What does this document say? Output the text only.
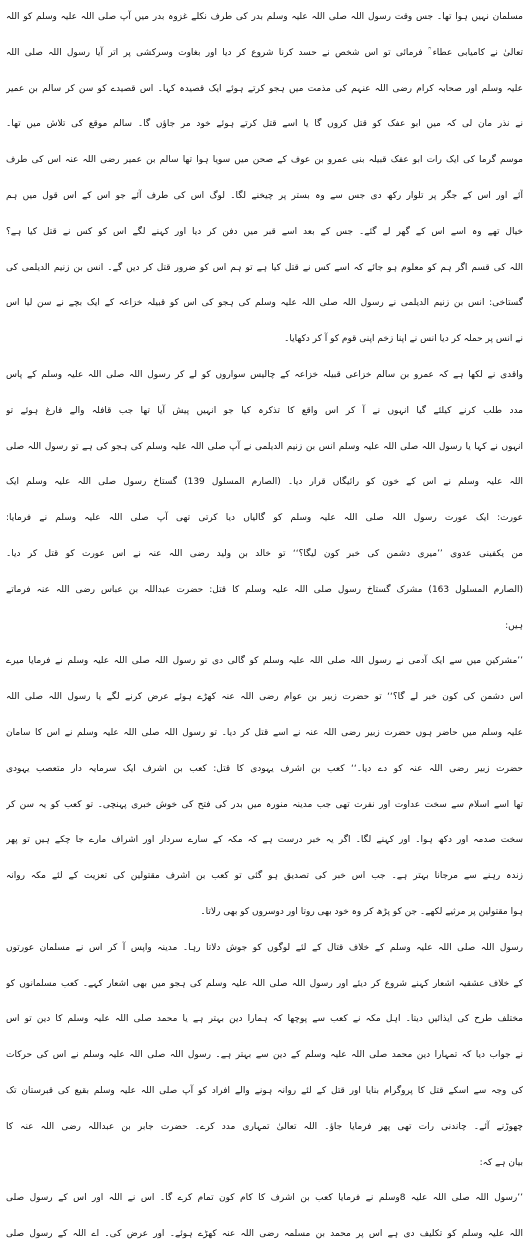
مسلمان نہیں ہوا تھا۔ جس وقت رسول اللہ صلی اللہ علیہ وسلم بدر کی طرف نکلے غزوہ بدر میں آپ صلی اللہ علیہ وسلم کو اللہ
تعالیٰ نے کامیابی عطاء ؒ فرمائی تو اس شخص نے حسد کرنا شروع کر دیا اور بغاوت وسرکشی پر اتر آیا رسول اللہ صلی اللہ
علیہ وسلم اور صحابہ کرام رضی اللہ عنہم کی مذمت میں ہجو کرتے ہوئے ایک قصیدہ کہا۔ اس قصیدے کو سن کر سالم بن عمیر
نے نذر مان لی کہ میں ابو عفک کو قتل کروں گا یا اسے قتل کرتے ہوئے خود مر جاؤں گا۔ سالم موقع کی تلاش میں تھا۔
موسم گرما کی ایک رات ابو عفک قبیلہ بنی عمرو بن عوف کے صحن میں سویا ہوا تھا سالم بن عمیر رضی اللہ عنہ اس کی طرف
آئے اور اس کے جگر پر تلوار رکھ دی جس سے وہ بستر پر چیخنے لگا۔ لوگ اس کی طرف آئے جو اس کے اس قول میں ہم
خیال تھے وہ اسے اس کے گھر لے گئے۔ جس کے بعد اسے قبر میں دفن کر دیا اور کہنے لگے اس کو کس نے قتل کیا ہے؟
اللہ کی قسم اگر ہم کو معلوم ہو جائے کہ اسے کس نے قتل کیا ہے تو ہم اس کو ضرور قتل کر دیں گے۔ انس بن زنیم الدیلمی کی
گستاخی: انس بن زنیم الدیلمی نے رسول اللہ صلی اللہ علیہ وسلم کی ہجو کی اس کو قبیلہ خزاعہ کے ایک بچے نے سن لیا اس
نے انس پر حملہ کر دیا انس نے اپنا زخم اپنی قوم کو آ کر دکھایا۔
واقدی نے لکھا ہے کہ عمرو بن سالم خزاعی قبیلہ خزاعہ کے چالیس سواروں کو لے کر رسول اللہ صلی اللہ علیہ وسلم کے پاس
مدد طلب کرنے کیلئے گیا انہوں نے آ کر اس واقع کا تذکرہ کیا جو انہیں پیش آیا تھا جب قافلہ والے فارغ ہوئے تو
انہوں نے کہا یا رسول اللہ صلی اللہ علیہ وسلم انس بن زنیم الدیلمی نے آپ صلی اللہ علیہ وسلم کی ہجو کی ہے تو رسول اللہ صلی
اللہ علیہ وسلم نے اس کے خون کو رائیگاں قرار دیا۔ (الصارم المسلول 139) گستاخ رسول صلی اللہ علیہ وسلم ایک
عورت: ایک عورت رسول اللہ صلی اللہ علیہ وسلم کو گالیاں دیا کرتی تھی آپ صلی اللہ علیہ وسلم نے فرمایا:
من یکفینی عدوی ’’میری دشمن کی خبر کون لیگا؟‘‘ تو خالد بن ولید رضی اللہ عنہ نے اس عورت کو قتل کر دیا۔
(الصارم المسلول 163) مشرک گستاخ رسول صلی اللہ علیہ وسلم کا قتل: حضرت عبداللہ بن عباس رضی اللہ عنہ فرماتے
ہیں:
’’مشرکین میں سے ایک آدمی نے رسول اللہ صلی اللہ علیہ وسلم کو گالی دی تو رسول اللہ صلی اللہ علیہ وسلم نے فرمایا میرے
اس دشمن کی کون خبر لے گا؟‘‘ تو حضرت زبیر بن عوام رضی اللہ عنہ کھڑے ہوئے عرض کرنے لگے یا رسول اللہ صلی اللہ
علیہ وسلم میں حاضر ہوں حضرت زبیر رضی اللہ عنہ نے اسے قتل کر دیا۔ تو رسول اللہ صلی اللہ علیہ وسلم نے اس کا سامان
حضرت زبیر رضی اللہ عنہ کو دے دیا۔‘‘ کعب بن اشرف یہودی کا قتل: کعب بن اشرف ایک سرمایہ دار متعصب یہودی
تھا اسے اسلام سے سخت عداوت اور نفرت تھی جب مدینہ منورہ میں بدر کی فتح کی خوش خبری پہنچی۔ تو کعب کو یہ سن کر
سخت صدمہ اور دکھ ہوا۔ اور کہنے لگا۔ اگر یہ خبر درست ہے کہ مکہ کے سارے سردار اور اشراف مارے جا چکے ہیں تو پھر
زندہ رہنے سے مرجانا بہتر ہے۔ جب اس خبر کی تصدیق ہو گئی تو کعب بن اشرف مقتولین کی تعزیت کے لئے مکہ روانہ
ہوا مقتولین پر مرثیے لکھے۔ جن کو پڑھ کر وہ خود بھی روتا اور دوسروں کو بھی رلاتا۔
رسول اللہ صلی اللہ علیہ وسلم کے خلاف قتال کے لئے لوگوں کو جوش دلاتا رہا۔ مدینہ واپس آ کر اس نے مسلمان عورتوں
کے خلاف عشقیہ اشعار کہنے شروع کر دیئے اور رسول اللہ صلی اللہ علیہ وسلم کی ہجو میں بھی اشعار کہے۔ کعب مسلمانوں کو
مختلف طرح کی ایذائیں دیتا۔ اہل مکہ نے کعب سے پوچھا کہ ہمارا دین بہتر ہے یا محمد صلی اللہ علیہ وسلم کا دین تو اس
نے جواب دیا کہ تمہارا دین محمد صلی اللہ علیہ وسلم کے دین سے بہتر ہے۔ رسول اللہ صلی اللہ علیہ وسلم نے اس کی حرکات
کی وجہ سے اسکے قتل کا پروگرام بنایا اور قتل کے لئے روانہ ہونے والے افراد کو آپ صلی اللہ علیہ وسلم بقیع کی قبرستان تک
چھوڑنے آئے۔ چاندنی رات تھی پھر فرمایا جاؤ۔ اللہ تعالیٰ تمہاری مدد کرے۔ حضرت جابر بن عبداللہ رضی اللہ عنہ کا
بیان ہے کہ:
’’رسول اللہ صلی اللہ علیہ 8وسلم نے فرمایا کعب بن اشرف کا کام کون تمام کرے گا۔ اس نے اللہ اور اس کے رسول صلی
اللہ علیہ وسلم کو تکلیف دی ہے اس پر محمد بن مسلمہ رضی اللہ عنہ کھڑے ہوئے۔ اور عرض کی۔ اے اللہ کے رسول صلی
